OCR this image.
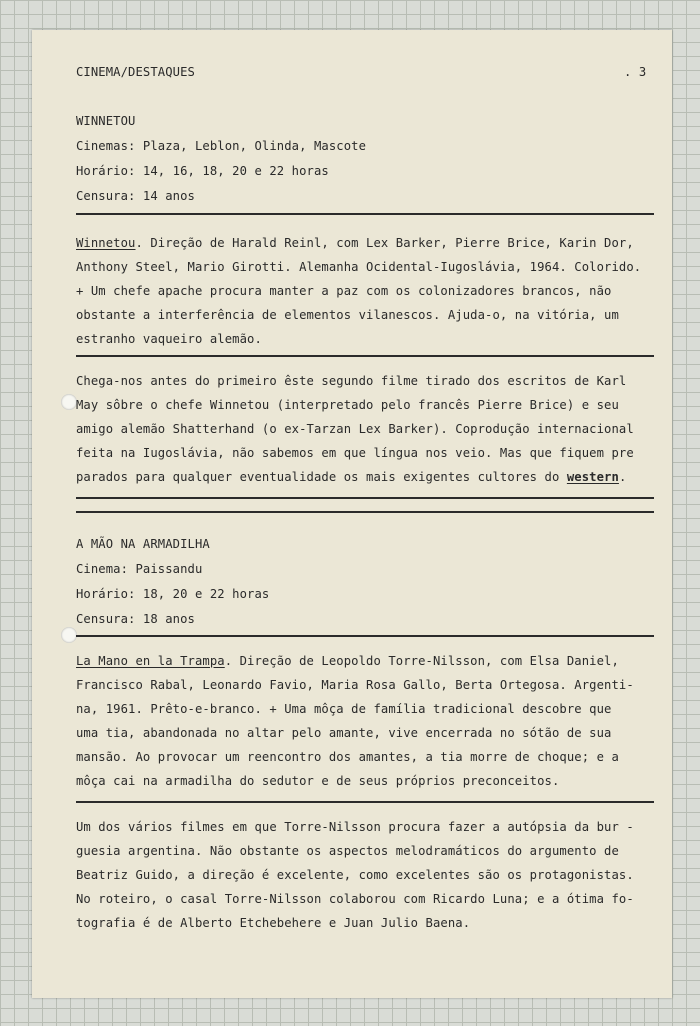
CINEMA/DESTAQUES	. 3
WINNETOU
Cinemas: Plaza, Leblon, Olinda, Mascote
Horário: 14, 16, 18, 20 e 22 horas
Censura: 14 anos
Winnetou. Direção de Harald Reinl, com Lex Barker, Pierre Brice, Karin Dor,
Anthony Steel, Mario Girotti. Alemanha Ocidental-Iugoslávia, 1964. Colorido.
+ Um chefe apache procura manter a paz com os colonizadores brancos, não
obstante a interferência de elementos vilanescos. Ajuda-o, na vitória, um
estranho vaqueiro alemão.
Chega-nos antes do primeiro êste segundo filme tirado dos escritos de Karl
May sôbre o chefe Winnetou (interpretado pelo francês Pierre Brice) e seu
amigo alemão Shatterhand (o ex-Tarzan Lex Barker). Coprodução internacional
feita na Iugoslávia, não sabemos em que língua nos veio. Mas que fiquem pre
parados para qualquer eventualidade os mais exigentes cultores do western.
A MÃO NA ARMADILHA
Cinema: Paissandu
Horário: 18, 20 e 22 horas
Censura: 18 anos
La Mano en la Trampa. Direção de Leopoldo Torre-Nilsson, com Elsa Daniel,
Francisco Rabal, Leonardo Favio, Maria Rosa Gallo, Berta Ortegosa. Argenti-
na, 1961. Prêto-e-branco. + Uma môça de família tradicional descobre que
uma tia, abandonada no altar pelo amante, vive encerrada no sótão de sua
mansão. Ao provocar um reencontro dos amantes, a tia morre de choque; e a
môça cai na armadilha do sedutor e de seus próprios preconceitos.
Um dos vários filmes em que Torre-Nilsson procura fazer a autópsia da bur -
guesia argentina. Não obstante os aspectos melodramáticos do argumento de
Beatriz Guido, a direção é excelente, como excelentes são os protagonistas.
No roteiro, o casal Torre-Nilsson colaborou com Ricardo Luna; e a ótima fo-
tografia é de Alberto Etchebehere e Juan Julio Baena.
